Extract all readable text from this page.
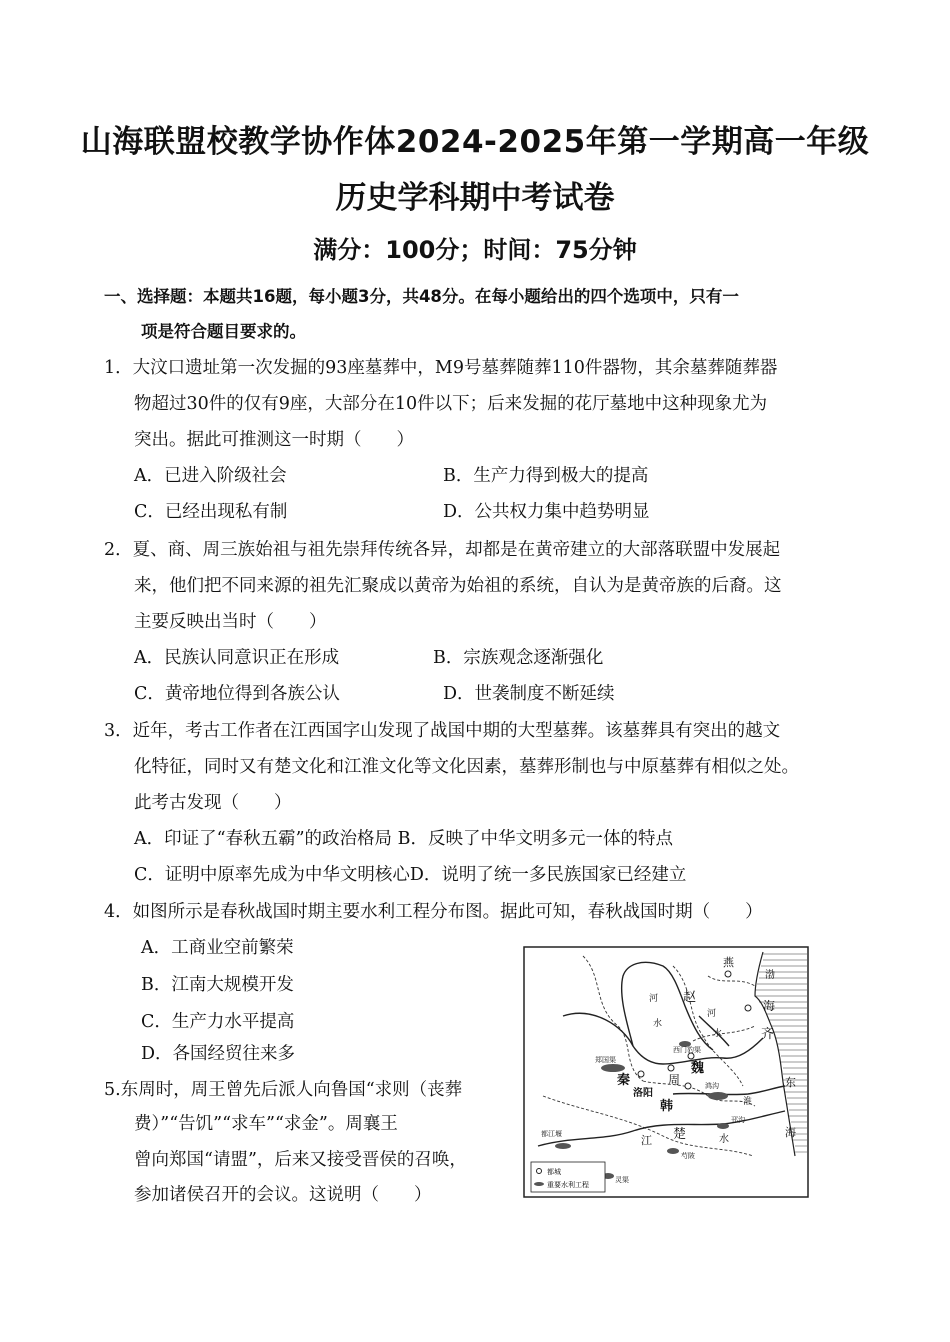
山海联盟校教学协作体2024-2025年第一学期高一年级
历史学科期中考试卷
满分：100分；时间：75分钟
一、选择题：本题共16题，每小题3分，共48分。在每小题给出的四个选项中，只有一
项是符合题目要求的。
1．大汶口遗址第一次发掘的93座墓葬中，M9号墓葬随葬110件器物，其余墓葬随葬器
物超过30件的仅有9座，大部分在10件以下；后来发掘的花厅墓地中这种现象尤为
突出。据此可推测这一时期（　　）
A．已进入阶级社会	B．生产力得到极大的提高
C．已经出现私有制	D．公共权力集中趋势明显
2．夏、商、周三族始祖与祖先崇拜传统各异，却都是在黄帝建立的大部落联盟中发展起
来，他们把不同来源的祖先汇聚成以黄帝为始祖的系统，自认为是黄帝族的后裔。这
主要反映出当时（　　）
A．民族认同意识正在形成	B．宗族观念逐渐强化
C．黄帝地位得到各族公认	D．世袭制度不断延续
3．近年，考古工作者在江西国字山发现了战国中期的大型墓葬。该墓葬具有突出的越文
化特征，同时又有楚文化和江淮文化等文化因素，墓葬形制也与中原墓葬有相似之处。
此考古发现（　　）
A．印证了“春秋五霸”的政治格局 B．反映了中华文明多元一体的特点
C．证明中原率先成为中华文明核心D．说明了统一多民族国家已经建立
4．如图所示是春秋战国时期主要水利工程分布图。据此可知，春秋战国时期（　　）
A．工商业空前繁荣
B．江南大规模开发
C．生产力水平提高
D．各国经贸往来多
5.东周时，周王曾先后派人向鲁国“求则（丧葬
费）”“告饥”“求车”“求金”。周襄王
曾向郑国“请盟”，后来又接受晋侯的召唤，
参加诸侯召开的会议。这说明（　　）
燕
赵
齐
秦
魏
周
韩
楚
渤
海
海
东
洛阳
河
水
河
水
江	水
淮
郑国渠
西门豹渠
都江堰
鸿沟
邗沟
芍陂
灵渠
都城
重要水利工程
